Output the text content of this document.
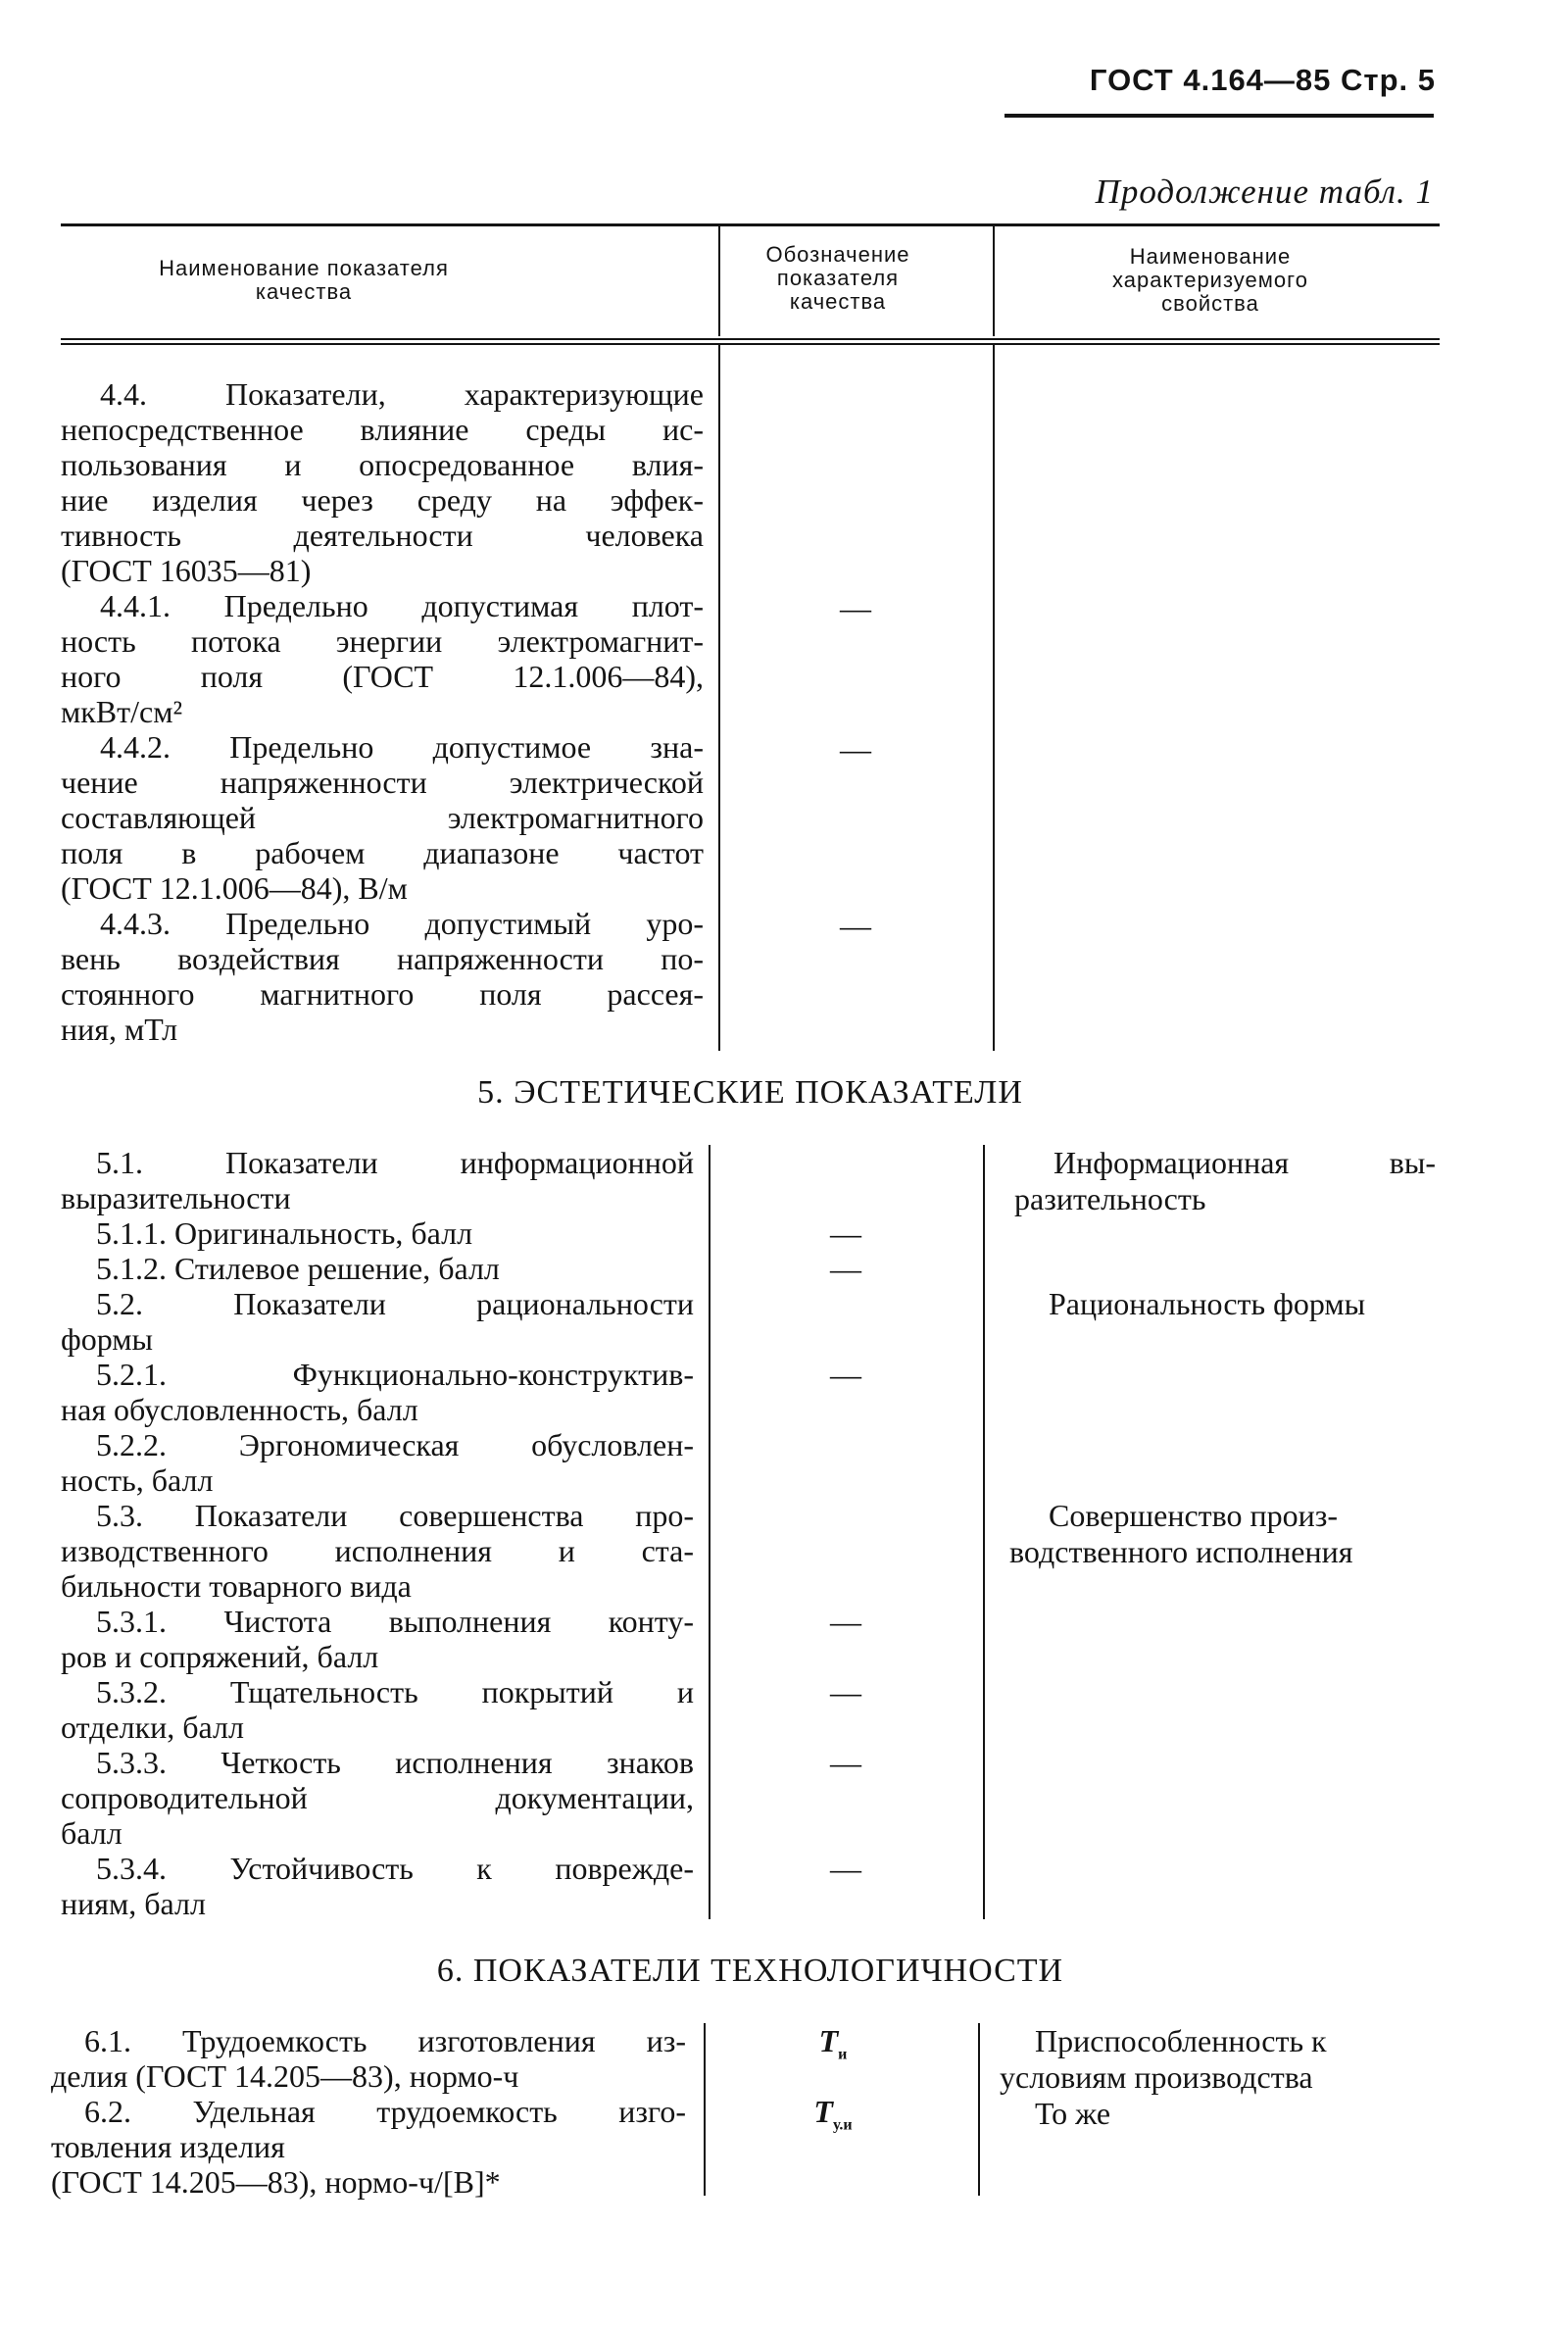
ГОСТ 4.164—85 Стр. 5
Продолжение табл. 1
Наименование показателя качества
Обозначение показателя качества
Наименование характеризуемого свойства
4.4. Показатели, характеризующие
непосредственное влияние среды ис-
пользования и опосредованное влия-
ние изделия через среду на эффек-
тивность деятельности человека
(ГОСТ 16035—81)
4.4.1. Предельно допустимая плот-
ность потока энергии электромагнит-
ного поля (ГОСТ 12.1.006—84),
мкВт/см²
4.4.2. Предельно допустимое зна-
чение напряженности электрической
составляющей электромагнитного
поля в рабочем диапазоне частот
(ГОСТ 12.1.006—84), В/м
4.4.3. Предельно допустимый уро-
вень воздействия напряженности по-
стоянного магнитного поля рассея-
ния, мТл
—
—
—
5. ЭСТЕТИЧЕСКИЕ ПОКАЗАТЕЛИ
5.1. Показатели информационной
выразительности
5.1.1. Оригинальность, балл
5.1.2. Стилевое решение, балл
5.2. Показатели рациональности
формы
5.2.1. Функционально-конструктив-
ная обусловленность, балл
5.2.2. Эргономическая обусловлен-
ность, балл
5.3. Показатели совершенства про-
изводственного исполнения и ста-
бильности товарного вида
5.3.1. Чистота выполнения конту-
ров и сопряжений, балл
5.3.2. Тщательность покрытий и
отделки, балл
5.3.3. Четкость исполнения знаков
сопроводительной документации,
балл
5.3.4. Устойчивость к поврежде-
ниям, балл
—
—
—
—
—
—
—
Информационная вы-
разительность
Рациональность формы
Совершенство произ-
водственного исполнения
6. ПОКАЗАТЕЛИ ТЕХНОЛОГИЧНОСТИ
6.1. Трудоемкость изготовления из-
делия (ГОСТ 14.205—83), нормо-ч
6.2. Удельная трудоемкость изго-
товления изделия
(ГОСТ 14.205—83), нормо-ч/[В]*
$Т_и$
$Т_{у.и}$
Приспособленность к
условиям производства
То же
